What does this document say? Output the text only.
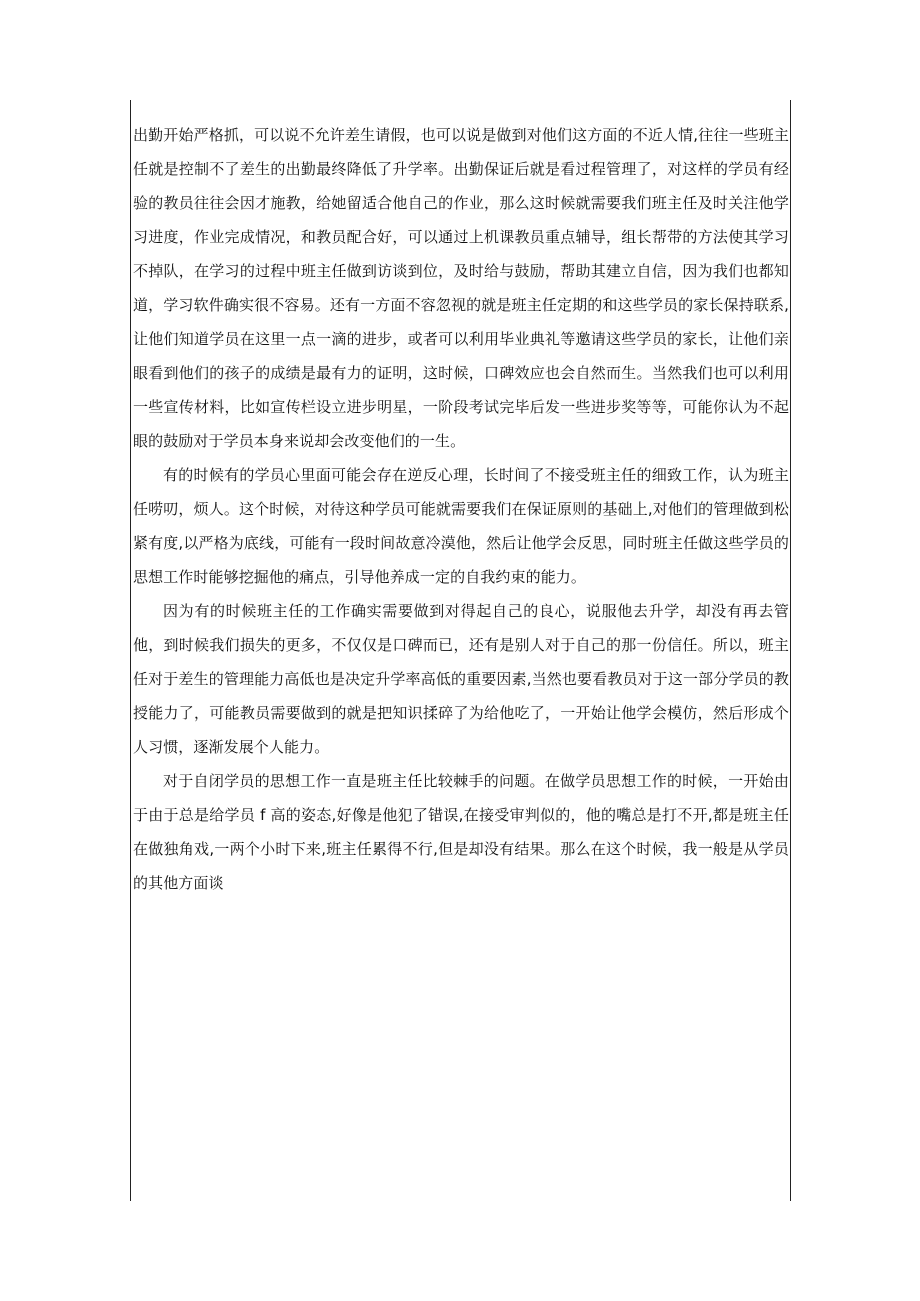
出勤开始严格抓，可以说不允许差生请假，也可以说是做到对他们这方面的不近人情,往往一些班主任就是控制不了差生的出勤最终降低了升学率。出勤保证后就是看过程管理了，对这样的学员有经验的教员往往会因才施教，给她留适合他自己的作业，那么这时候就需要我们班主任及时关注他学习进度，作业完成情况，和教员配合好，可以通过上机课教员重点辅导，组长帮带的方法使其学习不掉队，在学习的过程中班主任做到访谈到位，及时给与鼓励，帮助其建立自信，因为我们也都知道，学习软件确实很不容易。还有一方面不容忽视的就是班主任定期的和这些学员的家长保持联系,让他们知道学员在这里一点一滴的进步，或者可以利用毕业典礼等邀请这些学员的家长，让他们亲眼看到他们的孩子的成绩是最有力的证明，这时候，口碑效应也会自然而生。当然我们也可以利用一些宣传材料，比如宣传栏设立进步明星，一阶段考试完毕后发一些进步奖等等，可能你认为不起眼的鼓励对于学员本身来说却会改变他们的一生。

有的时候有的学员心里面可能会存在逆反心理，长时间了不接受班主任的细致工作，认为班主任唠叨，烦人。这个时候，对待这种学员可能就需要我们在保证原则的基础上,对他们的管理做到松紧有度,以严格为底线，可能有一段时间故意冷漠他，然后让他学会反思，同时班主任做这些学员的思想工作时能够挖掘他的痛点，引导他养成一定的自我约束的能力。

因为有的时候班主任的工作确实需要做到对得起自己的良心，说服他去升学，却没有再去管他，到时候我们损失的更多，不仅仅是口碑而已，还有是别人对于自己的那一份信任。所以，班主任对于差生的管理能力高低也是决定升学率高低的重要因素,当然也要看教员对于这一部分学员的教授能力了，可能教员需要做到的就是把知识揉碎了为给他吃了，一开始让他学会模仿，然后形成个人习惯，逐渐发展个人能力。

对于自闭学员的思想工作一直是班主任比较棘手的问题。在做学员思想工作的时候，一开始由于由于总是给学员 f 高的姿态,好像是他犯了错误,在接受审判似的，他的嘴总是打不开,都是班主任在做独角戏,一两个小时下来,班主任累得不行,但是却没有结果。那么在这个时候，我一般是从学员的其他方面谈
